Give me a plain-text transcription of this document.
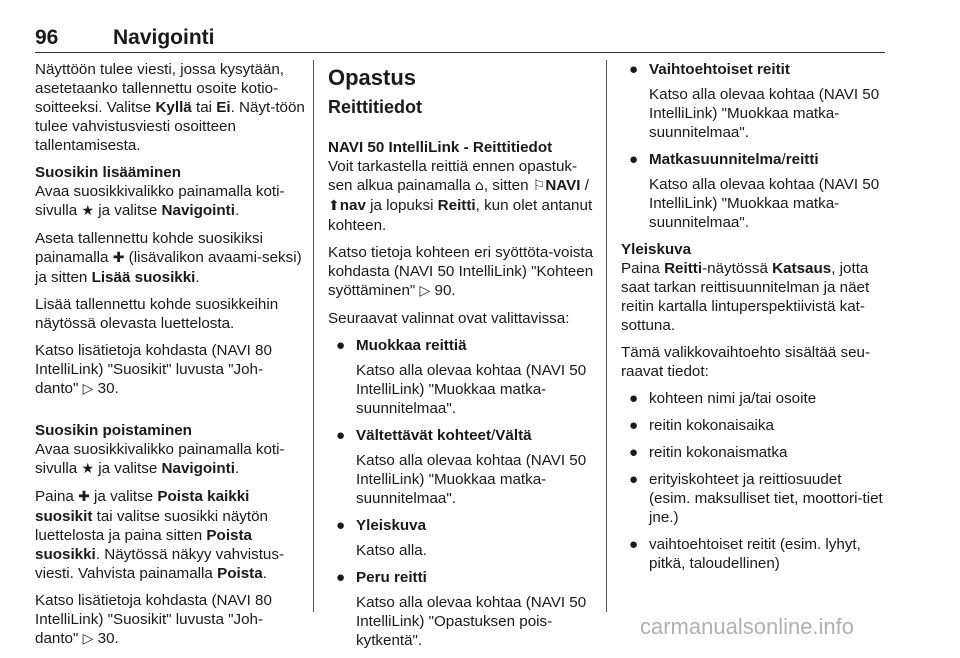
96	Navigointi

Näyttöön tulee viesti, jossa kysytään, asetetaanko tallennettu osoite kotio-soitteeksi. Valitse Kyllä tai Ei. Näyt-töön tulee vahvistusviesti osoitteen tallentamisesta.

Suosikin lisääminen

Avaa suosikkivalikko painamalla koti-sivulla ★ ja valitse Navigointi.

Aseta tallennettu kohde suosikiksi painamalla ✚ (lisävalikon avaami-seksi) ja sitten Lisää suosikki.

Lisää tallennettu kohde suosikkeihin näytössä olevasta luettelosta.

Katso lisätietoja kohdasta (NAVI 80 IntelliLink) "Suosikit" luvusta "Joh-danto" ▷ 30.

Suosikin poistaminen

Avaa suosikkivalikko painamalla koti-sivulla ★ ja valitse Navigointi.

Paina ✚ ja valitse Poista kaikki suosikit tai valitse suosikki näytön luettelosta ja paina sitten Poista suosikki. Näytössä näkyy vahvistus-viesti. Vahvista painamalla Poista.

Katso lisätietoja kohdasta (NAVI 80 IntelliLink) "Suosikit" luvusta "Joh-danto" ▷ 30.

Opastus
Reittitiedot
NAVI 50 IntelliLink - Reittitiedot

Voit tarkastella reittiä ennen opastuk-sen alkua painamalla ⌂, sitten ⚐NAVI / ⬆nav ja lopuksi Reitti, kun olet antanut kohteen.

Katso tietoja kohteen eri syöttöta-voista kohdasta (NAVI 50 IntelliLink) "Kohteen syöttäminen" ▷ 90.

Seuraavat valinnat ovat valittavissa:

● Muokkaa reittiä
Katso alla olevaa kohtaa (NAVI 50 IntelliLink) "Muokkaa matka-suunnitelmaa".
● Vältettävät kohteet/Vältä
Katso alla olevaa kohtaa (NAVI 50 IntelliLink) "Muokkaa matka-suunnitelmaa".
● Yleiskuva
Katso alla.
● Peru reitti
Katso alla olevaa kohtaa (NAVI 50 IntelliLink) "Opastuksen pois-kytkentä".
● Vaihtoehtoiset reitit
Katso alla olevaa kohtaa (NAVI 50 IntelliLink) "Muokkaa matka-suunnitelmaa".
● Matkasuunnitelma/reitti
Katso alla olevaa kohtaa (NAVI 50 IntelliLink) "Muokkaa matka-suunnitelmaa".
Yleiskuva

Paina Reitti-näytössä Katsaus, jotta saat tarkan reittisuunnitelman ja näet reitin kartalla lintuperspektiivistä kat-sottuna.

Tämä valikkovaihtoehto sisältää seu-raavat tiedot:

● kohteen nimi ja/tai osoite
● reitin kokonaisaika
● reitin kokonaismatka
● erityiskohteet ja reittiosuudet (esim. maksulliset tiet, moottori-tiet jne.)
● vaihtoehtoiset reitit (esim. lyhyt, pitkä, taloudellinen)
carmanualsonline.info
